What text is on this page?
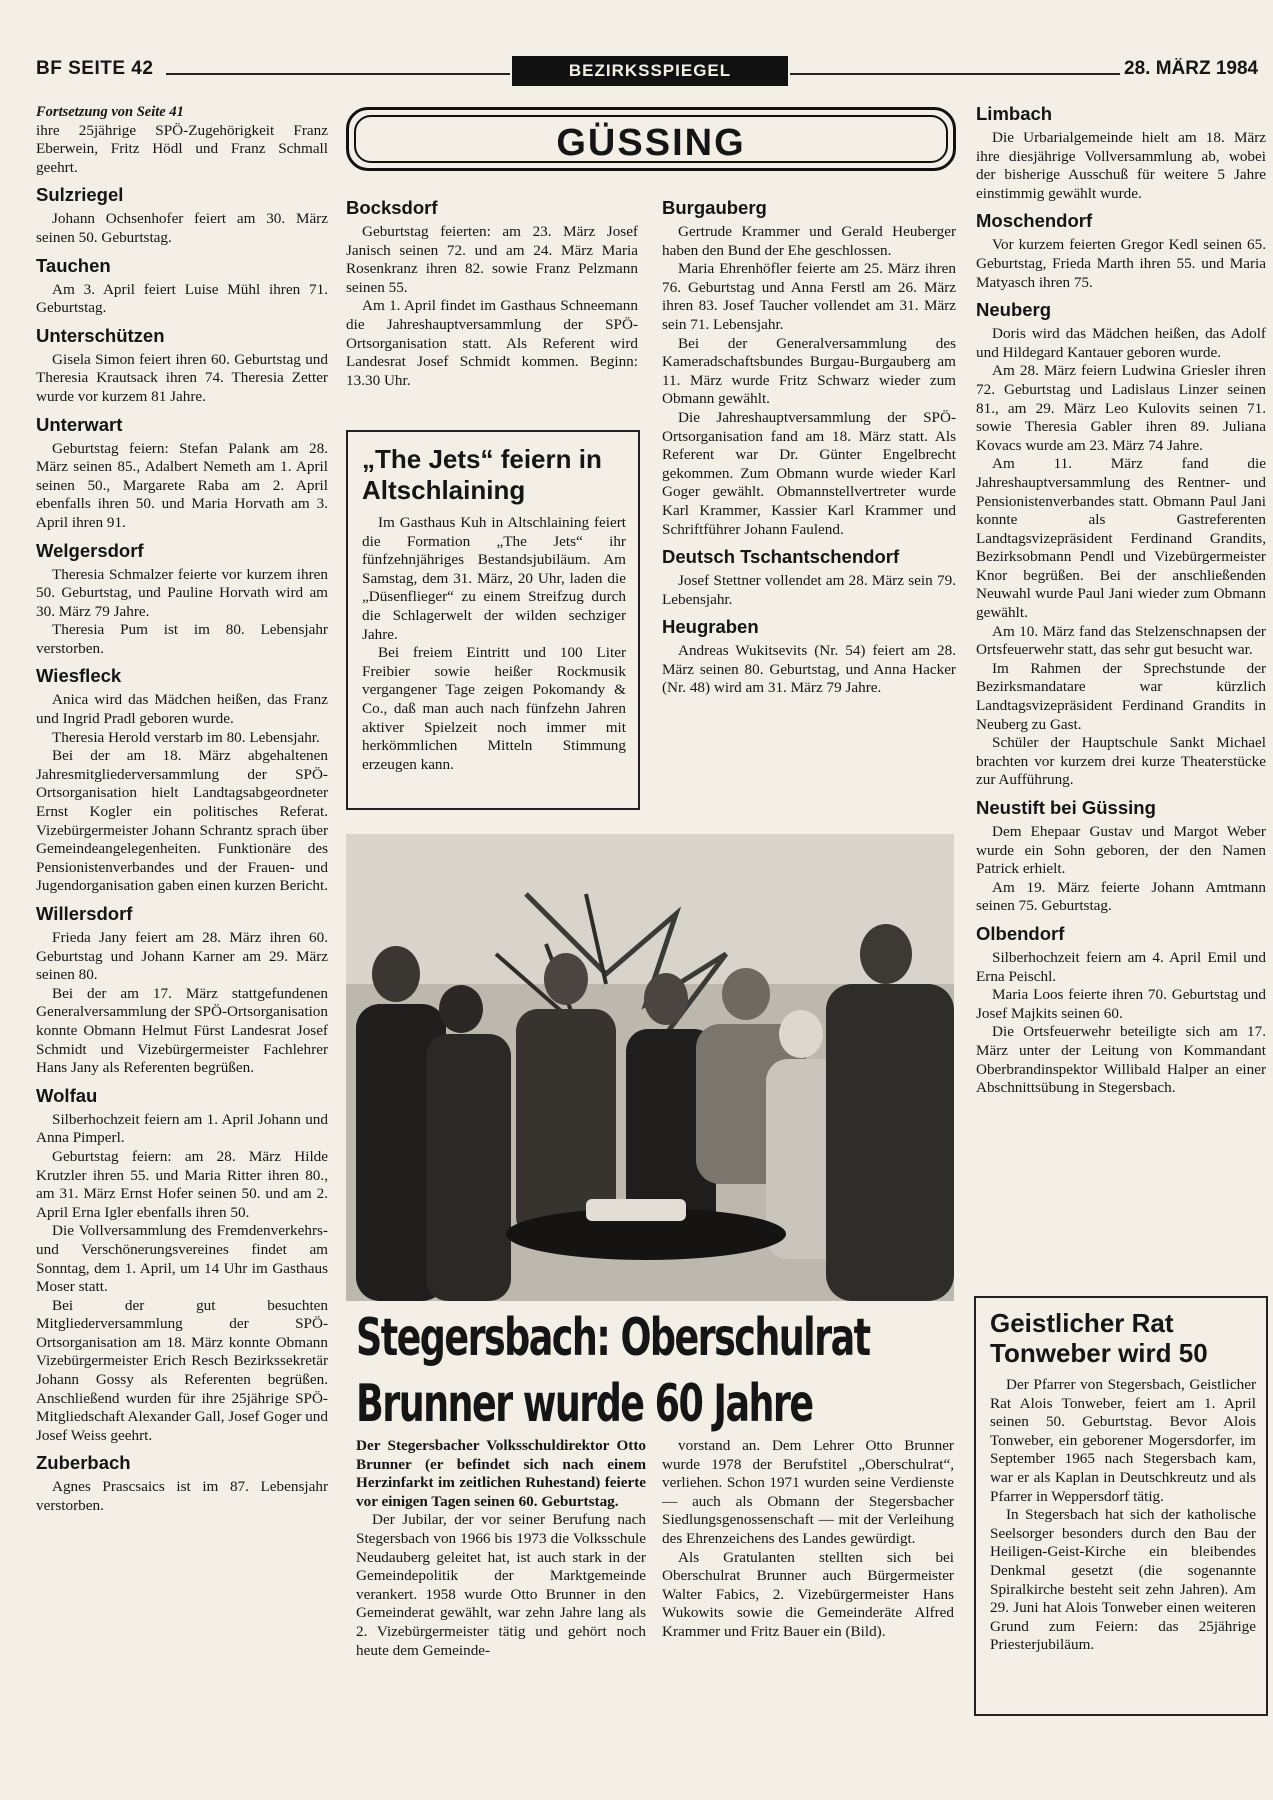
BF SEITE 42	BEZIRKSSPIEGEL	28. MÄRZ 1984

Fortsetzung von Seite 41

ihre 25jährige SPÖ-Zugehörigkeit Franz Eberwein, Fritz Hödl und Franz Schmall geehrt.

Sulzriegel

Johann Ochsenhofer feiert am 30. März seinen 50. Geburtstag.

Tauchen

Am 3. April feiert Luise Mühl ihren 71. Geburtstag.

Unterschützen

Gisela Simon feiert ihren 60. Geburtstag und Theresia Krautsack ihren 74. Theresia Zetter wurde vor kurzem 81 Jahre.

Unterwart

Geburtstag feiern: Stefan Palank am 28. März seinen 85., Adalbert Nemeth am 1. April seinen 50., Margarete Raba am 2. April ebenfalls ihren 50. und Maria Horvath am 3. April ihren 91.

Welgersdorf

Theresia Schmalzer feierte vor kurzem ihren 50. Geburtstag, und Pauline Horvath wird am 30. März 79 Jahre.

Theresia Pum ist im 80. Lebensjahr verstorben.

Wiesfleck

Anica wird das Mädchen heißen, das Franz und Ingrid Pradl geboren wurde.

Theresia Herold verstarb im 80. Lebensjahr.

Bei der am 18. März abgehaltenen Jahresmitgliederversammlung der SPÖ-Ortsorganisation hielt Landtagsabgeordneter Ernst Kogler ein politisches Referat. Vizebürgermeister Johann Schrantz sprach über Gemeindeangelegenheiten. Funktionäre des Pensionistenverbandes und der Frauen- und Jugendorganisation gaben einen kurzen Bericht.

Willersdorf

Frieda Jany feiert am 28. März ihren 60. Geburtstag und Johann Karner am 29. März seinen 80.

Bei der am 17. März stattgefundenen Generalversammlung der SPÖ-Ortsorganisation konnte Obmann Helmut Fürst Landesrat Josef Schmidt und Vizebürgermeister Fachlehrer Hans Jany als Referenten begrüßen.

Wolfau

Silberhochzeit feiern am 1. April Johann und Anna Pimperl.

Geburtstag feiern: am 28. März Hilde Krutzler ihren 55. und Maria Ritter ihren 80., am 31. März Ernst Hofer seinen 50. und am 2. April Erna Igler ebenfalls ihren 50.

Die Vollversammlung des Fremdenverkehrs- und Verschönerungsvereines findet am Sonntag, dem 1. April, um 14 Uhr im Gasthaus Moser statt.

Bei der gut besuchten Mitgliederversammlung der SPÖ-Ortsorganisation am 18. März konnte Obmann Vizebürgermeister Erich Resch Bezirkssekretär Johann Gossy als Referenten begrüßen. Anschließend wurden für ihre 25jährige SPÖ-Mitgliedschaft Alexander Gall, Josef Goger und Josef Weiss geehrt.

Zuberbach

Agnes Prascsaics ist im 87. Lebensjahr verstorben.

GÜSSING
Bocksdorf

Geburtstag feierten: am 23. März Josef Janisch seinen 72. und am 24. März Maria Rosenkranz ihren 82. sowie Franz Pelzmann seinen 55.

Am 1. April findet im Gasthaus Schneemann die Jahreshauptversammlung der SPÖ-Ortsorganisation statt. Als Referent wird Landesrat Josef Schmidt kommen. Beginn: 13.30 Uhr.

„The Jets“ feiern in Altschlaining

Im Gasthaus Kuh in Altschlaining feiert die Formation „The Jets“ ihr fünfzehnjähriges Bestandsjubiläum. Am Samstag, dem 31. März, 20 Uhr, laden die „Düsenflieger“ zu einem Streifzug durch die Schlagerwelt der wilden sechziger Jahre.

Bei freiem Eintritt und 100 Liter Freibier sowie heißer Rockmusik vergangener Tage zeigen Pokomandy & Co., daß man auch nach fünfzehn Jahren aktiver Spielzeit noch immer mit herkömmlichen Mitteln Stimmung erzeugen kann.

Burgauberg

Gertrude Krammer und Gerald Heuberger haben den Bund der Ehe geschlossen.

Maria Ehrenhöfler feierte am 25. März ihren 76. Geburtstag und Anna Ferstl am 26. März ihren 83. Josef Taucher vollendet am 31. März sein 71. Lebensjahr.

Bei der Generalversammlung des Kameradschaftsbundes Burgau-Burgauberg am 11. März wurde Fritz Schwarz wieder zum Obmann gewählt.

Die Jahreshauptversammlung der SPÖ-Ortsorganisation fand am 18. März statt. Als Referent war Dr. Günter Engelbrecht gekommen. Zum Obmann wurde wieder Karl Goger gewählt. Obmannstellvertreter wurde Karl Krammer, Kassier Karl Krammer und Schriftführer Johann Faulend.

Deutsch Tschantschendorf

Josef Stettner vollendet am 28. März sein 79. Lebensjahr.

Heugraben

Andreas Wukitsevits (Nr. 54) feiert am 28. März seinen 80. Geburtstag, und Anna Hacker (Nr. 48) wird am 31. März 79 Jahre.

Stegersbach: Oberschulrat
Brunner wurde 60 Jahre

Der Stegersbacher Volksschuldirektor Otto Brunner (er befindet sich nach einem Herzinfarkt im zeitlichen Ruhestand) feierte vor einigen Tagen seinen 60. Geburtstag.

Der Jubilar, der vor seiner Berufung nach Stegersbach von 1966 bis 1973 die Volksschule Neudauberg geleitet hat, ist auch stark in der Gemeindepolitik der Marktgemeinde verankert. 1958 wurde Otto Brunner in den Gemeinderat gewählt, war zehn Jahre lang als 2. Vizebürgermeister tätig und gehört noch heute dem Gemeinde-

vorstand an. Dem Lehrer Otto Brunner wurde 1978 der Berufstitel „Oberschulrat“, verliehen. Schon 1971 wurden seine Verdienste — auch als Obmann der Stegersbacher Siedlungsgenossenschaft — mit der Verleihung des Ehrenzeichens des Landes gewürdigt.

Als Gratulanten stellten sich bei Oberschulrat Brunner auch Bürgermeister Walter Fabics, 2. Vizebürgermeister Hans Wukowits sowie die Gemeinderäte Alfred Krammer und Fritz Bauer ein (Bild).

Limbach

Die Urbarialgemeinde hielt am 18. März ihre diesjährige Vollversammlung ab, wobei der bisherige Ausschuß für weitere 5 Jahre einstimmig gewählt wurde.

Moschendorf

Vor kurzem feierten Gregor Kedl seinen 65. Geburtstag, Frieda Marth ihren 55. und Maria Matyasch ihren 75.

Neuberg

Doris wird das Mädchen heißen, das Adolf und Hildegard Kantauer geboren wurde.

Am 28. März feiern Ludwina Griesler ihren 72. Geburtstag und Ladislaus Linzer seinen 81., am 29. März Leo Kulovits seinen 71. sowie Theresia Gabler ihren 89. Juliana Kovacs wurde am 23. März 74 Jahre.

Am 11. März fand die Jahreshauptversammlung des Rentner- und Pensionistenverbandes statt. Obmann Paul Jani konnte als Gastreferenten Landtagsvizepräsident Ferdinand Grandits, Bezirksobmann Pendl und Vizebürgermeister Knor begrüßen. Bei der anschließenden Neuwahl wurde Paul Jani wieder zum Obmann gewählt.

Am 10. März fand das Stelzenschnapsen der Ortsfeuerwehr statt, das sehr gut besucht war.

Im Rahmen der Sprechstunde der Bezirksmandatare war kürzlich Landtagsvizepräsident Ferdinand Grandits in Neuberg zu Gast.

Schüler der Hauptschule Sankt Michael brachten vor kurzem drei kurze Theaterstücke zur Aufführung.

Neustift bei Güssing

Dem Ehepaar Gustav und Margot Weber wurde ein Sohn geboren, der den Namen Patrick erhielt.

Am 19. März feierte Johann Amtmann seinen 75. Geburtstag.

Olbendorf

Silberhochzeit feiern am 4. April Emil und Erna Peischl.

Maria Loos feierte ihren 70. Geburtstag und Josef Majkits seinen 60.

Die Ortsfeuerwehr beteiligte sich am 17. März unter der Leitung von Kommandant Oberbrandinspektor Willibald Halper an einer Abschnittsübung in Stegersbach.

Geistlicher Rat Tonweber wird 50

Der Pfarrer von Stegersbach, Geistlicher Rat Alois Tonweber, feiert am 1. April seinen 50. Geburtstag. Bevor Alois Tonweber, ein geborener Mogersdorfer, im September 1965 nach Stegersbach kam, war er als Kaplan in Deutschkreutz und als Pfarrer in Weppersdorf tätig.

In Stegersbach hat sich der katholische Seelsorger besonders durch den Bau der Heiligen-Geist-Kirche ein bleibendes Denkmal gesetzt (die sogenannte Spiralkirche besteht seit zehn Jahren). Am 29. Juni hat Alois Tonweber einen weiteren Grund zum Feiern: das 25jährige Priesterjubiläum.
